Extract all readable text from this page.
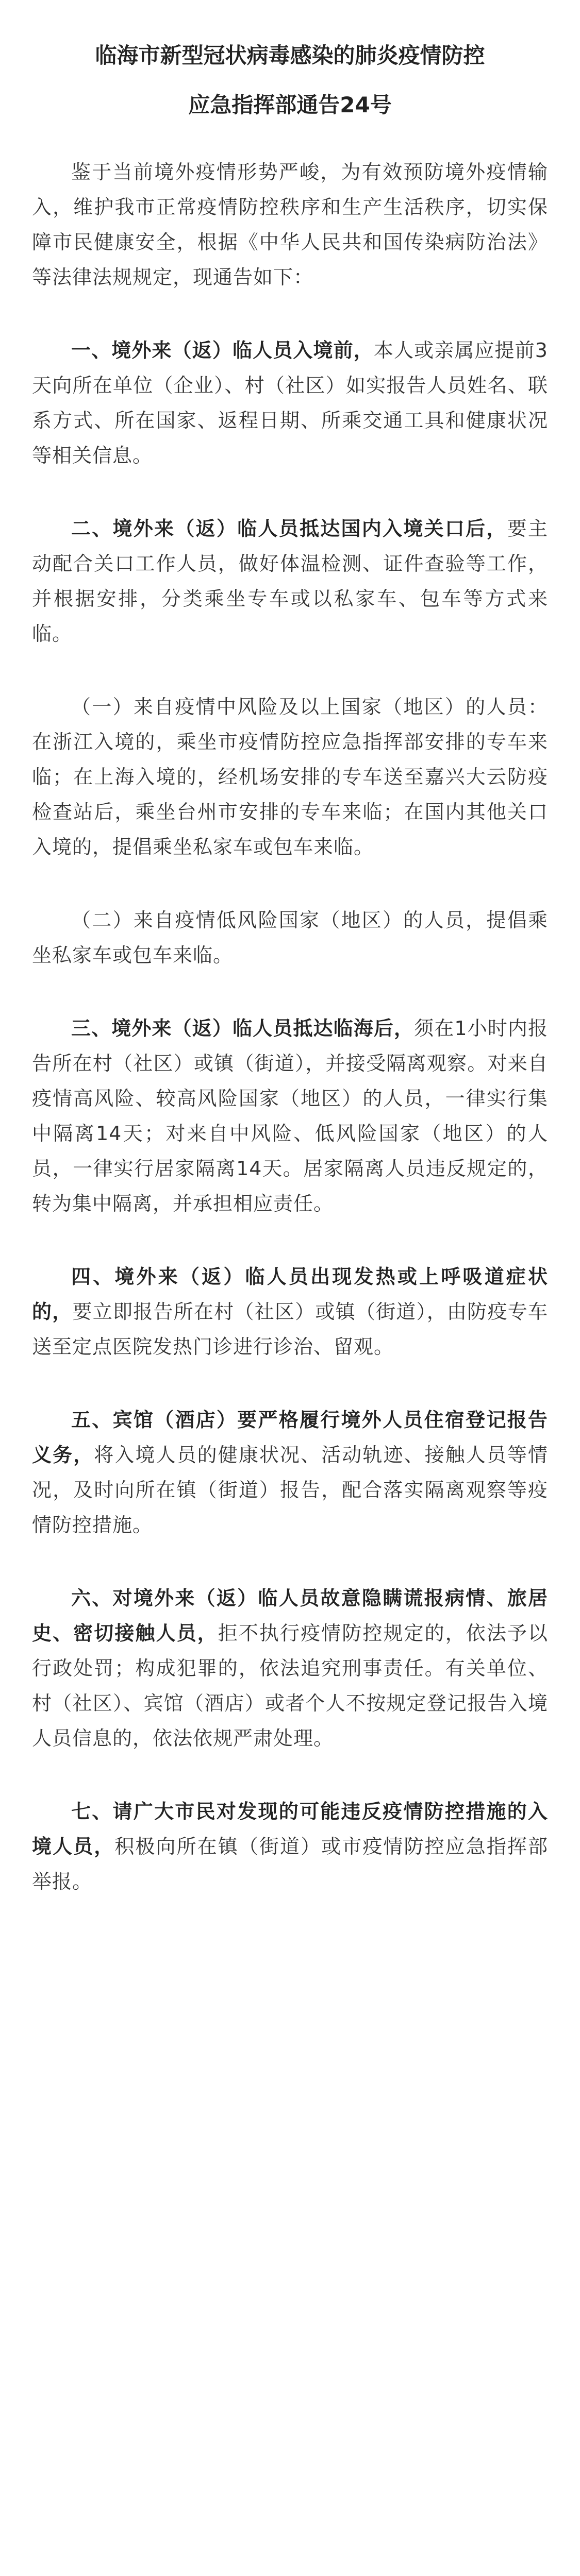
临海市新型冠状病毒感染的肺炎疫情防控
应急指挥部通告24号

鉴于当前境外疫情形势严峻，为有效预防境外疫情输入，维护我市正常疫情防控秩序和生产生活秩序，切实保障市民健康安全，根据《中华人民共和国传染病防治法》等法律法规规定，现通告如下：

一、境外来（返）临人员入境前，本人或亲属应提前3天向所在单位（企业）、村（社区）如实报告人员姓名、联系方式、所在国家、返程日期、所乘交通工具和健康状况等相关信息。

二、境外来（返）临人员抵达国内入境关口后，要主动配合关口工作人员，做好体温检测、证件查验等工作，并根据安排，分类乘坐专车或以私家车、包车等方式来临。

（一）来自疫情中风险及以上国家（地区）的人员：在浙江入境的，乘坐市疫情防控应急指挥部安排的专车来临；在上海入境的，经机场安排的专车送至嘉兴大云防疫检查站后，乘坐台州市安排的专车来临；在国内其他关口入境的，提倡乘坐私家车或包车来临。

（二）来自疫情低风险国家（地区）的人员，提倡乘坐私家车或包车来临。

三、境外来（返）临人员抵达临海后，须在1小时内报告所在村（社区）或镇（街道），并接受隔离观察。对来自疫情高风险、较高风险国家（地区）的人员，一律实行集中隔离14天；对来自中风险、低风险国家（地区）的人员，一律实行居家隔离14天。居家隔离人员违反规定的，转为集中隔离，并承担相应责任。

四、境外来（返）临人员出现发热或上呼吸道症状的，要立即报告所在村（社区）或镇（街道），由防疫专车送至定点医院发热门诊进行诊治、留观。

五、宾馆（酒店）要严格履行境外人员住宿登记报告义务，将入境人员的健康状况、活动轨迹、接触人员等情况，及时向所在镇（街道）报告，配合落实隔离观察等疫情防控措施。

六、对境外来（返）临人员故意隐瞒谎报病情、旅居史、密切接触人员，拒不执行疫情防控规定的，依法予以行政处罚；构成犯罪的，依法追究刑事责任。有关单位、村（社区）、宾馆（酒店）或者个人不按规定登记报告入境人员信息的，依法依规严肃处理。

七、请广大市民对发现的可能违反疫情防控措施的入境人员，积极向所在镇（街道）或市疫情防控应急指挥部举报。
